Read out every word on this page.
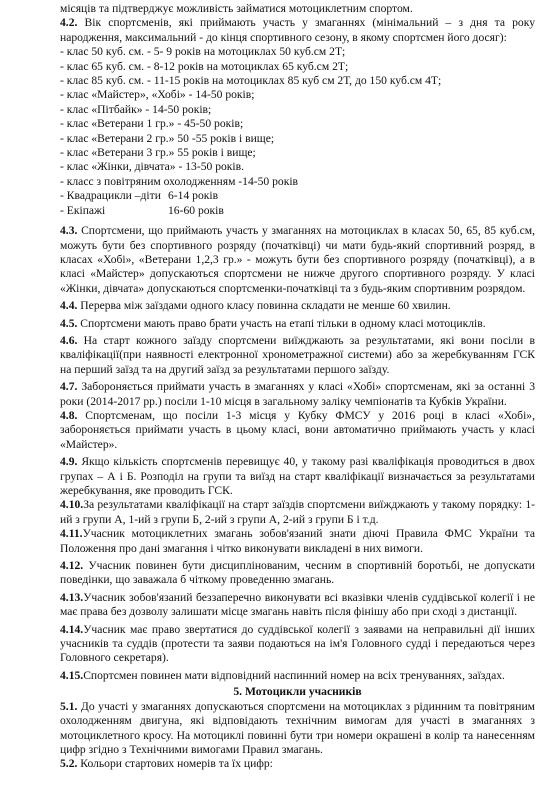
місяців та підтверджує можливість займатися мотоциклетним спортом.

4.2. Вік спортсменів, які приймають участь у змаганнях (мінімальний – з дня та року народження, максимальний - до кінця спортивного сезону, в якому спортсмен його досяг):

- клас 50 куб. см. - 5- 9 років на мотоциклах 50 куб.см 2Т;
- клас 65 куб. см. - 8-12 років на мотоциклах 65 куб.см 2Т;
- клас 85 куб. см. - 11-15 років на мотоциклах 85 куб см 2Т, до 150 куб.см 4Т;
- клас «Майстер», «Хобі» - 14-50 років;
- клас «Пітбайк» - 14-50 років;
- клас «Ветерани 1 гр.» - 45-50 років;
- клас «Ветерани 2 гр.» 50 -55 років і вище;
- клас «Ветерани 3 гр.» 55 років і вище;
- клас «Жінки, дівчата» - 13-50 років.
- класс з повітряним охолодженням -14-50 років
- Квадрацикли –діти 6-14 років
- Екіпажі	16-60 років

4.3. Спортсмени, що приймають участь у змаганнях на мотоциклах в класах 50, 65, 85 куб.см, можуть бути без спортивного розряду (початківці) чи мати будь-який спортивний розряд, в класах «Хобі», «Ветерани 1,2,3 гр.» - можуть бути без спортивного розряду (початківці), а в класі «Майстер» допускаються спортсмени не нижче другого спортивного розряду. У класі «Жінки, дівчата» допускаються спортсменки-початківці та з будь-яким спортивним розрядом.

4.4. Перерва між заїздами одного класу повинна складати не менше 60 хвилин.

4.5. Спортсмени мають право брати участь на етапі тільки в одному класі мотоциклів.

4.6. На старт кожного заїзду спортсмени виїжджають за результатами, які вони посіли в кваліфікації(при наявності електронної хронометражної системи) або за жеребкуванням ГСК на перший заїзд та на другий заїзд за результатами першого заїзду.

4.7. Забороняється приймати участь в змаганнях у класі «Хобі» спортсменам, які за останні 3 роки (2014-2017 рр.) посіли 1-10 місця в загальному заліку чемпіонатів та Кубків України.

4.8. Спортсменам, що посіли 1-3 місця у Кубку ФМСУ у 2016 році в класі «Хобі», забороняється приймати участь в цьому класі, вони автоматично приймають участь у класі «Майстер».

4.9. Якщо кількість спортсменів перевищує 40, у такому разі кваліфікація проводиться в двох групах – А і Б. Розподіл на групи та виїзд на старт кваліфікації визначається за результатами жеребкування, яке проводить ГСК.

4.10.За результатами кваліфікації на старт заїздів спортсмени виїжджають у такому порядку: 1-ий з групи А, 1-ий з групи Б, 2-ий з групи А, 2-ий з групи Б і т.д.

4.11.Учасник мотоциклетних змагань зобов'язаний знати діючі Правила ФМС України та Положення про дані змагання і чітко виконувати викладені в них вимоги.

4.12. Учасник повинен бути дисциплінованим, чесним в спортивній боротьбі, не допускати поведінки, що заважала б чіткому проведенню змагань.

4.13.Учасник зобов'язаний беззаперечно виконувати всі вказівки членів суддівської колегії і не має права без дозволу залишати місце змагань навіть після фінішу або при сході з дистанції.

4.14.Учасник має право звертатися до суддівської колегії з заявами на неправильні дії інших учасників та суддів (протести та заяви подаються на ім'я Головного судді і передаються через Головного секретаря).

4.15.Спортсмен повинен мати відповідний наспинний номер на всіх тренуваннях, заїздах.

5. Мотоцикли учасників

5.1. До участі у змаганнях допускаються спортсмени на мотоциклах з рідинним та повітряним охолодженням двигуна, які відповідають технічним вимогам для участі в змаганнях з мотоциклетного кросу. На мотоциклі повинні бути три номери окрашені в колір та нанесенням цифр згідно з Технічними вимогами Правил змагань.

5.2. Кольори стартових номерів та їх цифр:
